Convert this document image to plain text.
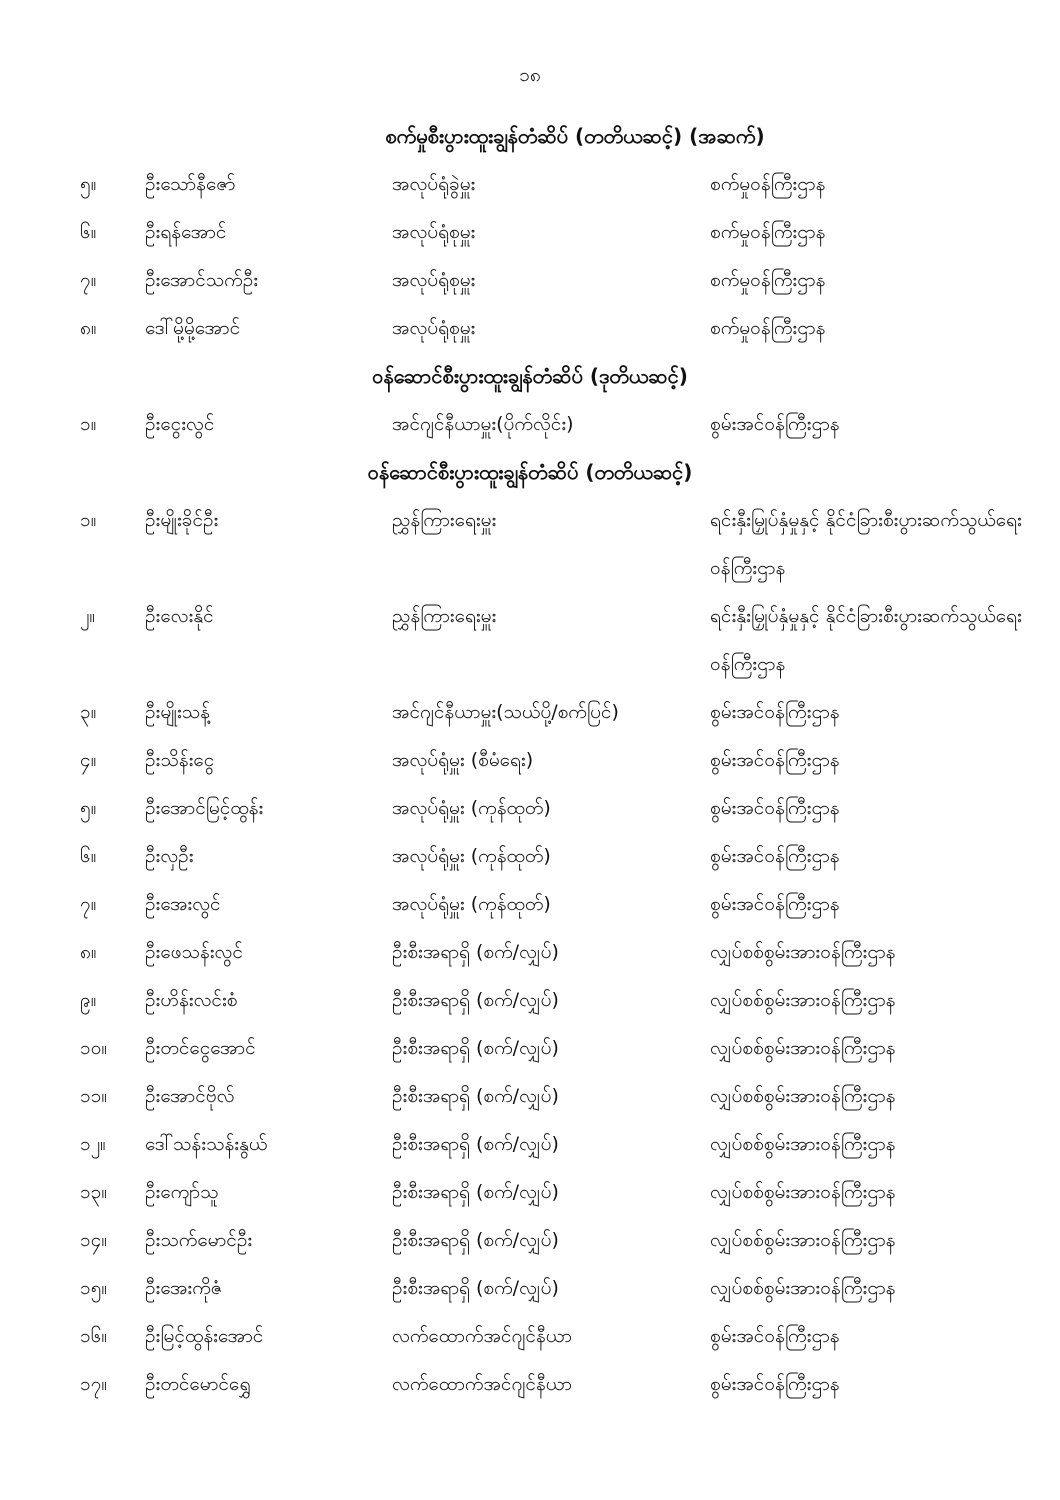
၁၈
စက်မှုစီးပွားထူးချွန်တံဆိပ် (တတိယဆင့်) (အဆက်)
၅။	ဦးသော်နီဇော်	အလုပ်ရုံခွဲမှူး	စက်မှုဝန်ကြီးဌာန
၆။	ဦးရန်အောင်	အလုပ်ရုံစုမှူး	စက်မှုဝန်ကြီးဌာန
၇။	ဦးအောင်သက်ဦး	အလုပ်ရုံစုမှူး	စက်မှုဝန်ကြီးဌာန
၈။	ဒေါ်မို့မို့အောင်	အလုပ်ရုံစုမှူး	စက်မှုဝန်ကြီးဌာန
ဝန်ဆောင်စီးပွားထူးချွန်တံဆိပ် (ဒုတိယဆင့်)
၁။	ဦးငွေးလွင်	အင်ဂျင်နီယာမှူး(ပိုက်လိုင်း)	စွမ်းအင်ဝန်ကြီးဌာန
ဝန်ဆောင်စီးပွားထူးချွန်တံဆိပ် (တတိယဆင့်)
၁။	ဦးမျိုးခိုင်ဦး	ညွှန်ကြားရေးမှူး	ရင်းနှီးမြှုပ်နှံမှုနှင့် နိုင်ငံခြားစီးပွားဆက်သွယ်ရေးဝန်ကြီးဌာန
၂။	ဦးလေးနိုင်	ညွှန်ကြားရေးမှူး	ရင်းနှီးမြှုပ်နှံမှုနှင့် နိုင်ငံခြားစီးပွားဆက်သွယ်ရေးဝန်ကြီးဌာန
၃။	ဦးမျိုးသန့်	အင်ဂျင်နီယာမှူး(သယ်ပို့/စက်ပြင်)	စွမ်းအင်ဝန်ကြီးဌာန
၄။	ဦးသိန်းငွေ	အလုပ်ရုံမှူး (စီမံရေး)	စွမ်းအင်ဝန်ကြီးဌာန
၅။	ဦးအောင်မြင့်ထွန်း	အလုပ်ရုံမှူး (ကုန်ထုတ်)	စွမ်းအင်ဝန်ကြီးဌာန
၆။	ဦးလှဦး	အလုပ်ရုံမှူး (ကုန်ထုတ်)	စွမ်းအင်ဝန်ကြီးဌာန
၇။	ဦးအေးလွင်	အလုပ်ရုံမှူး (ကုန်ထုတ်)	စွမ်းအင်ဝန်ကြီးဌာန
၈။	ဦးဖေသန်းလွင်	ဦးစီးအရာရှိ (စက်/လျှပ်)	လျှပ်စစ်စွမ်းအားဝန်ကြီးဌာန
၉။	ဦးဟိန်းလင်းစံ	ဦးစီးအရာရှိ (စက်/လျှပ်)	လျှပ်စစ်စွမ်းအားဝန်ကြီးဌာန
၁၀။ ဦးတင်ငွေအောင်	ဦးစီးအရာရှိ (စက်/လျှပ်)	လျှပ်စစ်စွမ်းအားဝန်ကြီးဌာန
၁၁။ ဦးအောင်ဗိုလ်	ဦးစီးအရာရှိ (စက်/လျှပ်)	လျှပ်စစ်စွမ်းအားဝန်ကြီးဌာန
၁၂။ ဒေါ်သန်းသန်းနွယ်	ဦးစီးအရာရှိ (စက်/လျှပ်)	လျှပ်စစ်စွမ်းအားဝန်ကြီးဌာန
၁၃။ ဦးကျော်သူ	ဦးစီးအရာရှိ (စက်/လျှပ်)	လျှပ်စစ်စွမ်းအားဝန်ကြီးဌာန
၁၄။ ဦးသက်မောင်ဦး	ဦးစီးအရာရှိ (စက်/လျှပ်)	လျှပ်စစ်စွမ်းအားဝန်ကြီးဌာန
၁၅။ ဦးအေးကိုဇံ	ဦးစီးအရာရှိ (စက်/လျှပ်)	လျှပ်စစ်စွမ်းအားဝန်ကြီးဌာန
၁၆။ ဦးမြင့်ထွန်းအောင်	လက်ထောက်အင်ဂျင်နီယာ	စွမ်းအင်ဝန်ကြီးဌာန
၁၇။ ဦးတင်မောင်ရွှေ	လက်ထောက်အင်ဂျင်နီယာ	စွမ်းအင်ဝန်ကြီးဌာန
